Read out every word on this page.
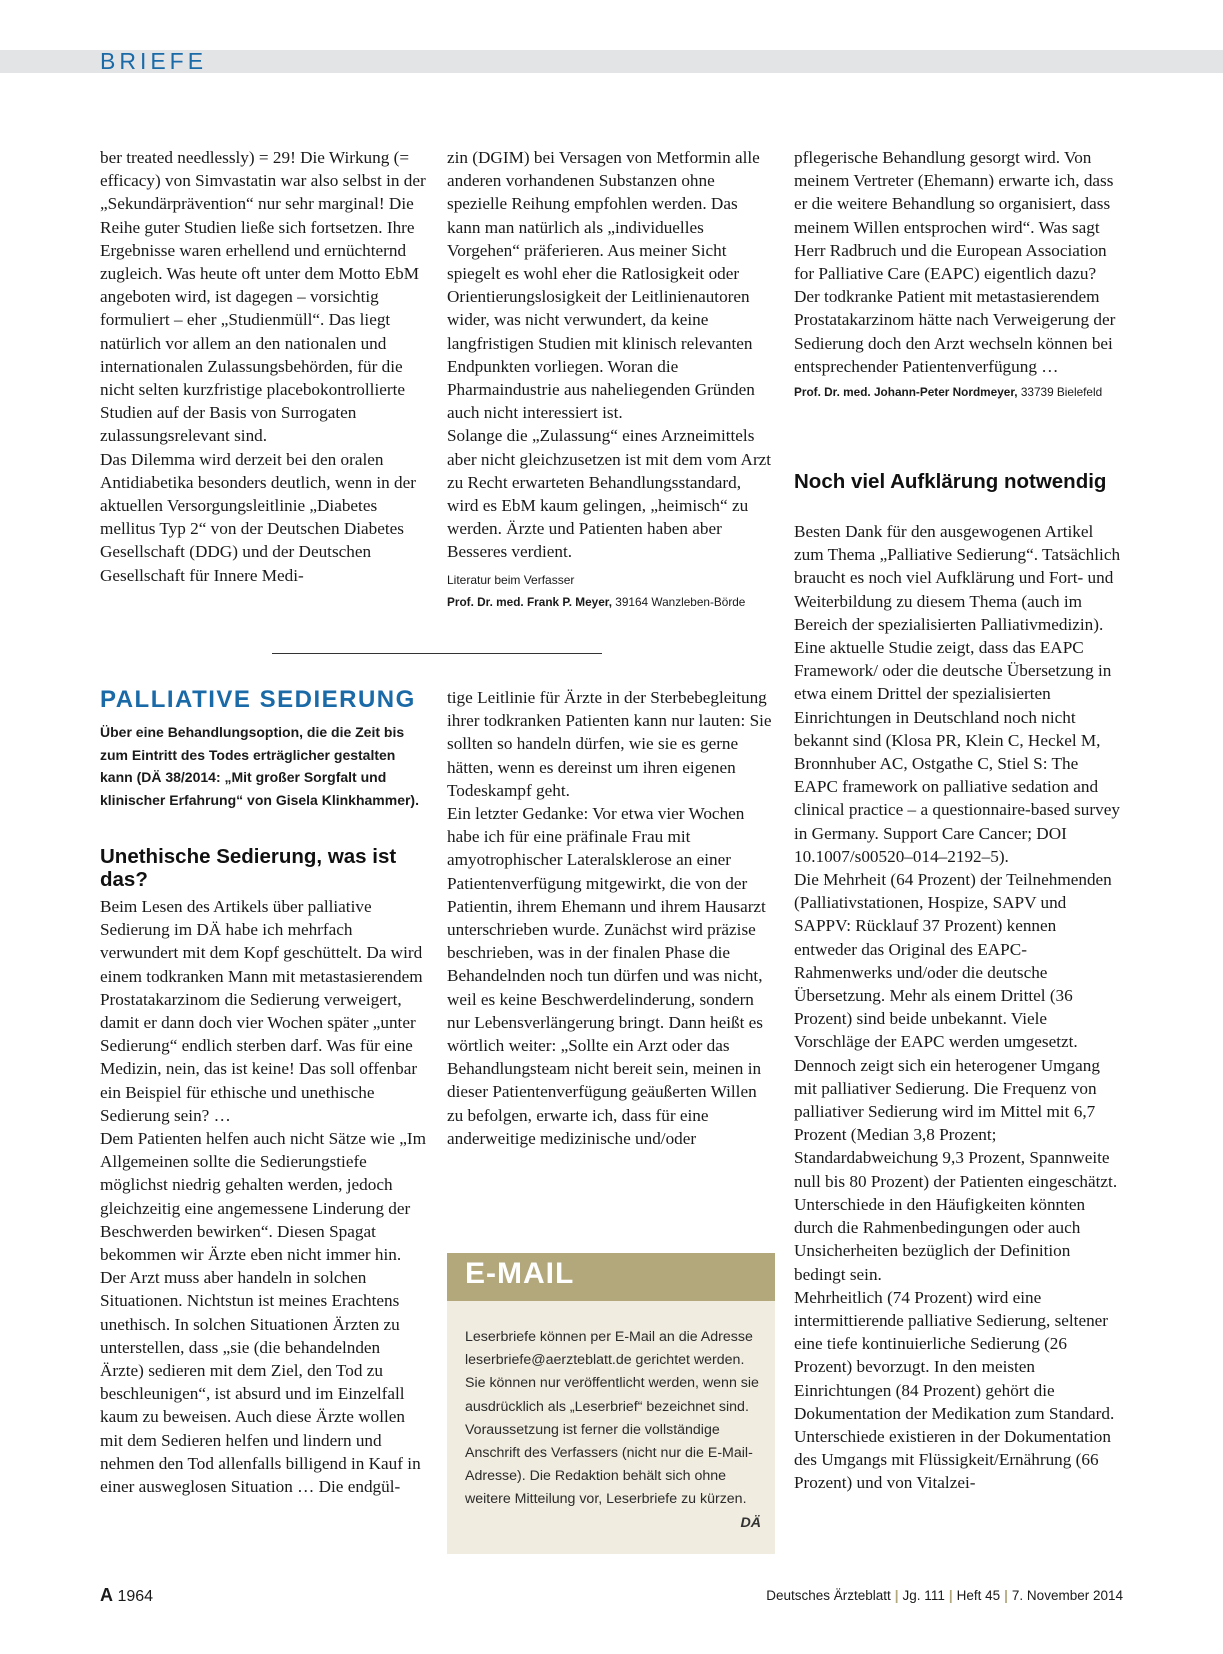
BRIEFE

ber treated needlessly) = 29! Die Wirkung (= efficacy) von Simvastatin war also selbst in der „Sekundärprävention“ nur sehr marginal! Die Reihe guter Studien ließe sich fortsetzen. Ihre Ergebnisse waren erhellend und ernüchternd zugleich. Was heute oft unter dem Motto EbM angeboten wird, ist dagegen – vorsichtig formuliert – eher „Studienmüll“. Das liegt natürlich vor allem an den nationalen und internationalen Zulassungsbehörden, für die nicht selten kurzfristige placebokontrollierte Studien auf der Basis von Surrogaten zulassungsrelevant sind.

Das Dilemma wird derzeit bei den oralen Antidiabetika besonders deutlich, wenn in der aktuellen Versorgungsleitlinie „Diabetes mellitus Typ 2“ von der Deutschen Diabetes Gesellschaft (DDG) und der Deutschen Gesellschaft für Innere Medi-

zin (DGIM) bei Versagen von Metformin alle anderen vorhandenen Substanzen ohne spezielle Reihung empfohlen werden. Das kann man natürlich als „individuelles Vorgehen“ präferieren. Aus meiner Sicht spiegelt es wohl eher die Ratlosigkeit oder Orientierungslosigkeit der Leitlinienautoren wider, was nicht verwundert, da keine langfristigen Studien mit klinisch relevanten Endpunkten vorliegen. Woran die Pharmaindustrie aus naheliegenden Gründen auch nicht interessiert ist.

Solange die „Zulassung“ eines Arzneimittels aber nicht gleichzusetzen ist mit dem vom Arzt zu Recht erwarteten Behandlungsstandard, wird es EbM kaum gelingen, „heimisch“ zu werden. Ärzte und Patienten haben aber Besseres verdient.

Literatur beim Verfasser
Prof. Dr. med. Frank P. Meyer, 39164 Wanzleben-Börde

pflegerische Behandlung gesorgt wird. Von meinem Vertreter (Ehemann) erwarte ich, dass er die weitere Behandlung so organisiert, dass meinem Willen entsprochen wird“. Was sagt Herr Radbruch und die European Association for Palliative Care (EAPC) eigentlich dazu? Der todkranke Patient mit metastasierendem Prostatakarzinom hätte nach Verweigerung der Sedierung doch den Arzt wechseln können bei entsprechender Patientenverfügung …

Prof. Dr. med. Johann-Peter Nordmeyer, 33739 Bielefeld
PALLIATIVE SEDIERUNG
Über eine Behandlungsoption, die die Zeit bis zum Eintritt des Todes erträglicher gestalten kann (DÄ 38/2014: „Mit großer Sorgfalt und klinischer Erfahrung“ von Gisela Klinkhammer).
Unethische Sedierung, was ist das?

Beim Lesen des Artikels über palliative Sedierung im DÄ habe ich mehrfach verwundert mit dem Kopf geschüttelt. Da wird einem todkranken Mann mit metastasierendem Prostatakarzinom die Sedierung verweigert, damit er dann doch vier Wochen später „unter Sedierung“ endlich sterben darf. Was für eine Medizin, nein, das ist keine! Das soll offenbar ein Beispiel für ethische und unethische Sedierung sein? …

Dem Patienten helfen auch nicht Sätze wie „Im Allgemeinen sollte die Sedierungstiefe möglichst niedrig gehalten werden, jedoch gleichzeitig eine angemessene Linderung der Beschwerden bewirken“. Diesen Spagat bekommen wir Ärzte eben nicht immer hin. Der Arzt muss aber handeln in solchen Situationen. Nichtstun ist meines Erachtens unethisch. In solchen Situationen Ärzten zu unterstellen, dass „sie (die behandelnden Ärzte) sedieren mit dem Ziel, den Tod zu beschleunigen“, ist absurd und im Einzelfall kaum zu beweisen. Auch diese Ärzte wollen mit dem Sedieren helfen und lindern und nehmen den Tod allenfalls billigend in Kauf in einer ausweglosen Situation … Die endgül-

tige Leitlinie für Ärzte in der Sterbebegleitung ihrer todkranken Patienten kann nur lauten: Sie sollten so handeln dürfen, wie sie es gerne hätten, wenn es dereinst um ihren eigenen Todeskampf geht.

Ein letzter Gedanke: Vor etwa vier Wochen habe ich für eine präfinale Frau mit amyotrophischer Lateralsklerose an einer Patientenverfügung mitgewirkt, die von der Patientin, ihrem Ehemann und ihrem Hausarzt unterschrieben wurde. Zunächst wird präzise beschrieben, was in der finalen Phase die Behandelnden noch tun dürfen und was nicht, weil es keine Beschwerdelinderung, sondern nur Lebensverlängerung bringt. Dann heißt es wörtlich weiter: „Sollte ein Arzt oder das Behandlungsteam nicht bereit sein, meinen in dieser Patientenverfügung geäußerten Willen zu befolgen, erwarte ich, dass für eine anderweitige medizinische und/oder

E-MAIL
Leserbriefe können per E-Mail an die Adresse leserbriefe@aerzteblatt.de gerichtet werden. Sie können nur veröffentlicht werden, wenn sie ausdrücklich als „Leserbrief“ bezeichnet sind. Voraussetzung ist ferner die vollständige Anschrift des Verfassers (nicht nur die E-Mail-Adresse). Die Redaktion behält sich ohne weitere Mitteilung vor, Leserbriefe zu kürzen.
DÄ
Noch viel Aufklärung notwendig

Besten Dank für den ausgewogenen Artikel zum Thema „Palliative Sedierung“. Tatsächlich braucht es noch viel Aufklärung und Fort- und Weiterbildung zu diesem Thema (auch im Bereich der spezialisierten Palliativmedizin). Eine aktuelle Studie zeigt, dass das EAPC Framework/ oder die deutsche Übersetzung in etwa einem Drittel der spezialisierten Einrichtungen in Deutschland noch nicht bekannt sind (Klosa PR, Klein C, Heckel M, Bronnhuber AC, Ostgathe C, Stiel S: The EAPC framework on palliative sedation and clinical practice – a questionnaire-based survey in Germany. Support Care Cancer; DOI 10.1007/s00520–014–2192–5).

Die Mehrheit (64 Prozent) der Teilnehmenden (Palliativstationen, Hospize, SAPV und SAPPV: Rücklauf 37 Prozent) kennen entweder das Original des EAPC-Rahmenwerks und/oder die deutsche Übersetzung. Mehr als einem Drittel (36 Prozent) sind beide unbekannt. Viele Vorschläge der EAPC werden umgesetzt. Dennoch zeigt sich ein heterogener Umgang mit palliativer Sedierung. Die Frequenz von palliativer Sedierung wird im Mittel mit 6,7 Prozent (Median 3,8 Prozent; Standardabweichung 9,3 Prozent, Spannweite null bis 80 Prozent) der Patienten eingeschätzt. Unterschiede in den Häufigkeiten könnten durch die Rahmenbedingungen oder auch Unsicherheiten bezüglich der Definition bedingt sein.

Mehrheitlich (74 Prozent) wird eine intermittierende palliative Sedierung, seltener eine tiefe kontinuierliche Sedierung (26 Prozent) bevorzugt. In den meisten Einrichtungen (84 Prozent) gehört die Dokumentation der Medikation zum Standard. Unterschiede existieren in der Dokumentation des Umgangs mit Flüssigkeit/Ernährung (66 Prozent) und von Vitalzei-

A 1964	Deutsches Ärzteblatt | Jg. 111 | Heft 45 | 7. November 2014
